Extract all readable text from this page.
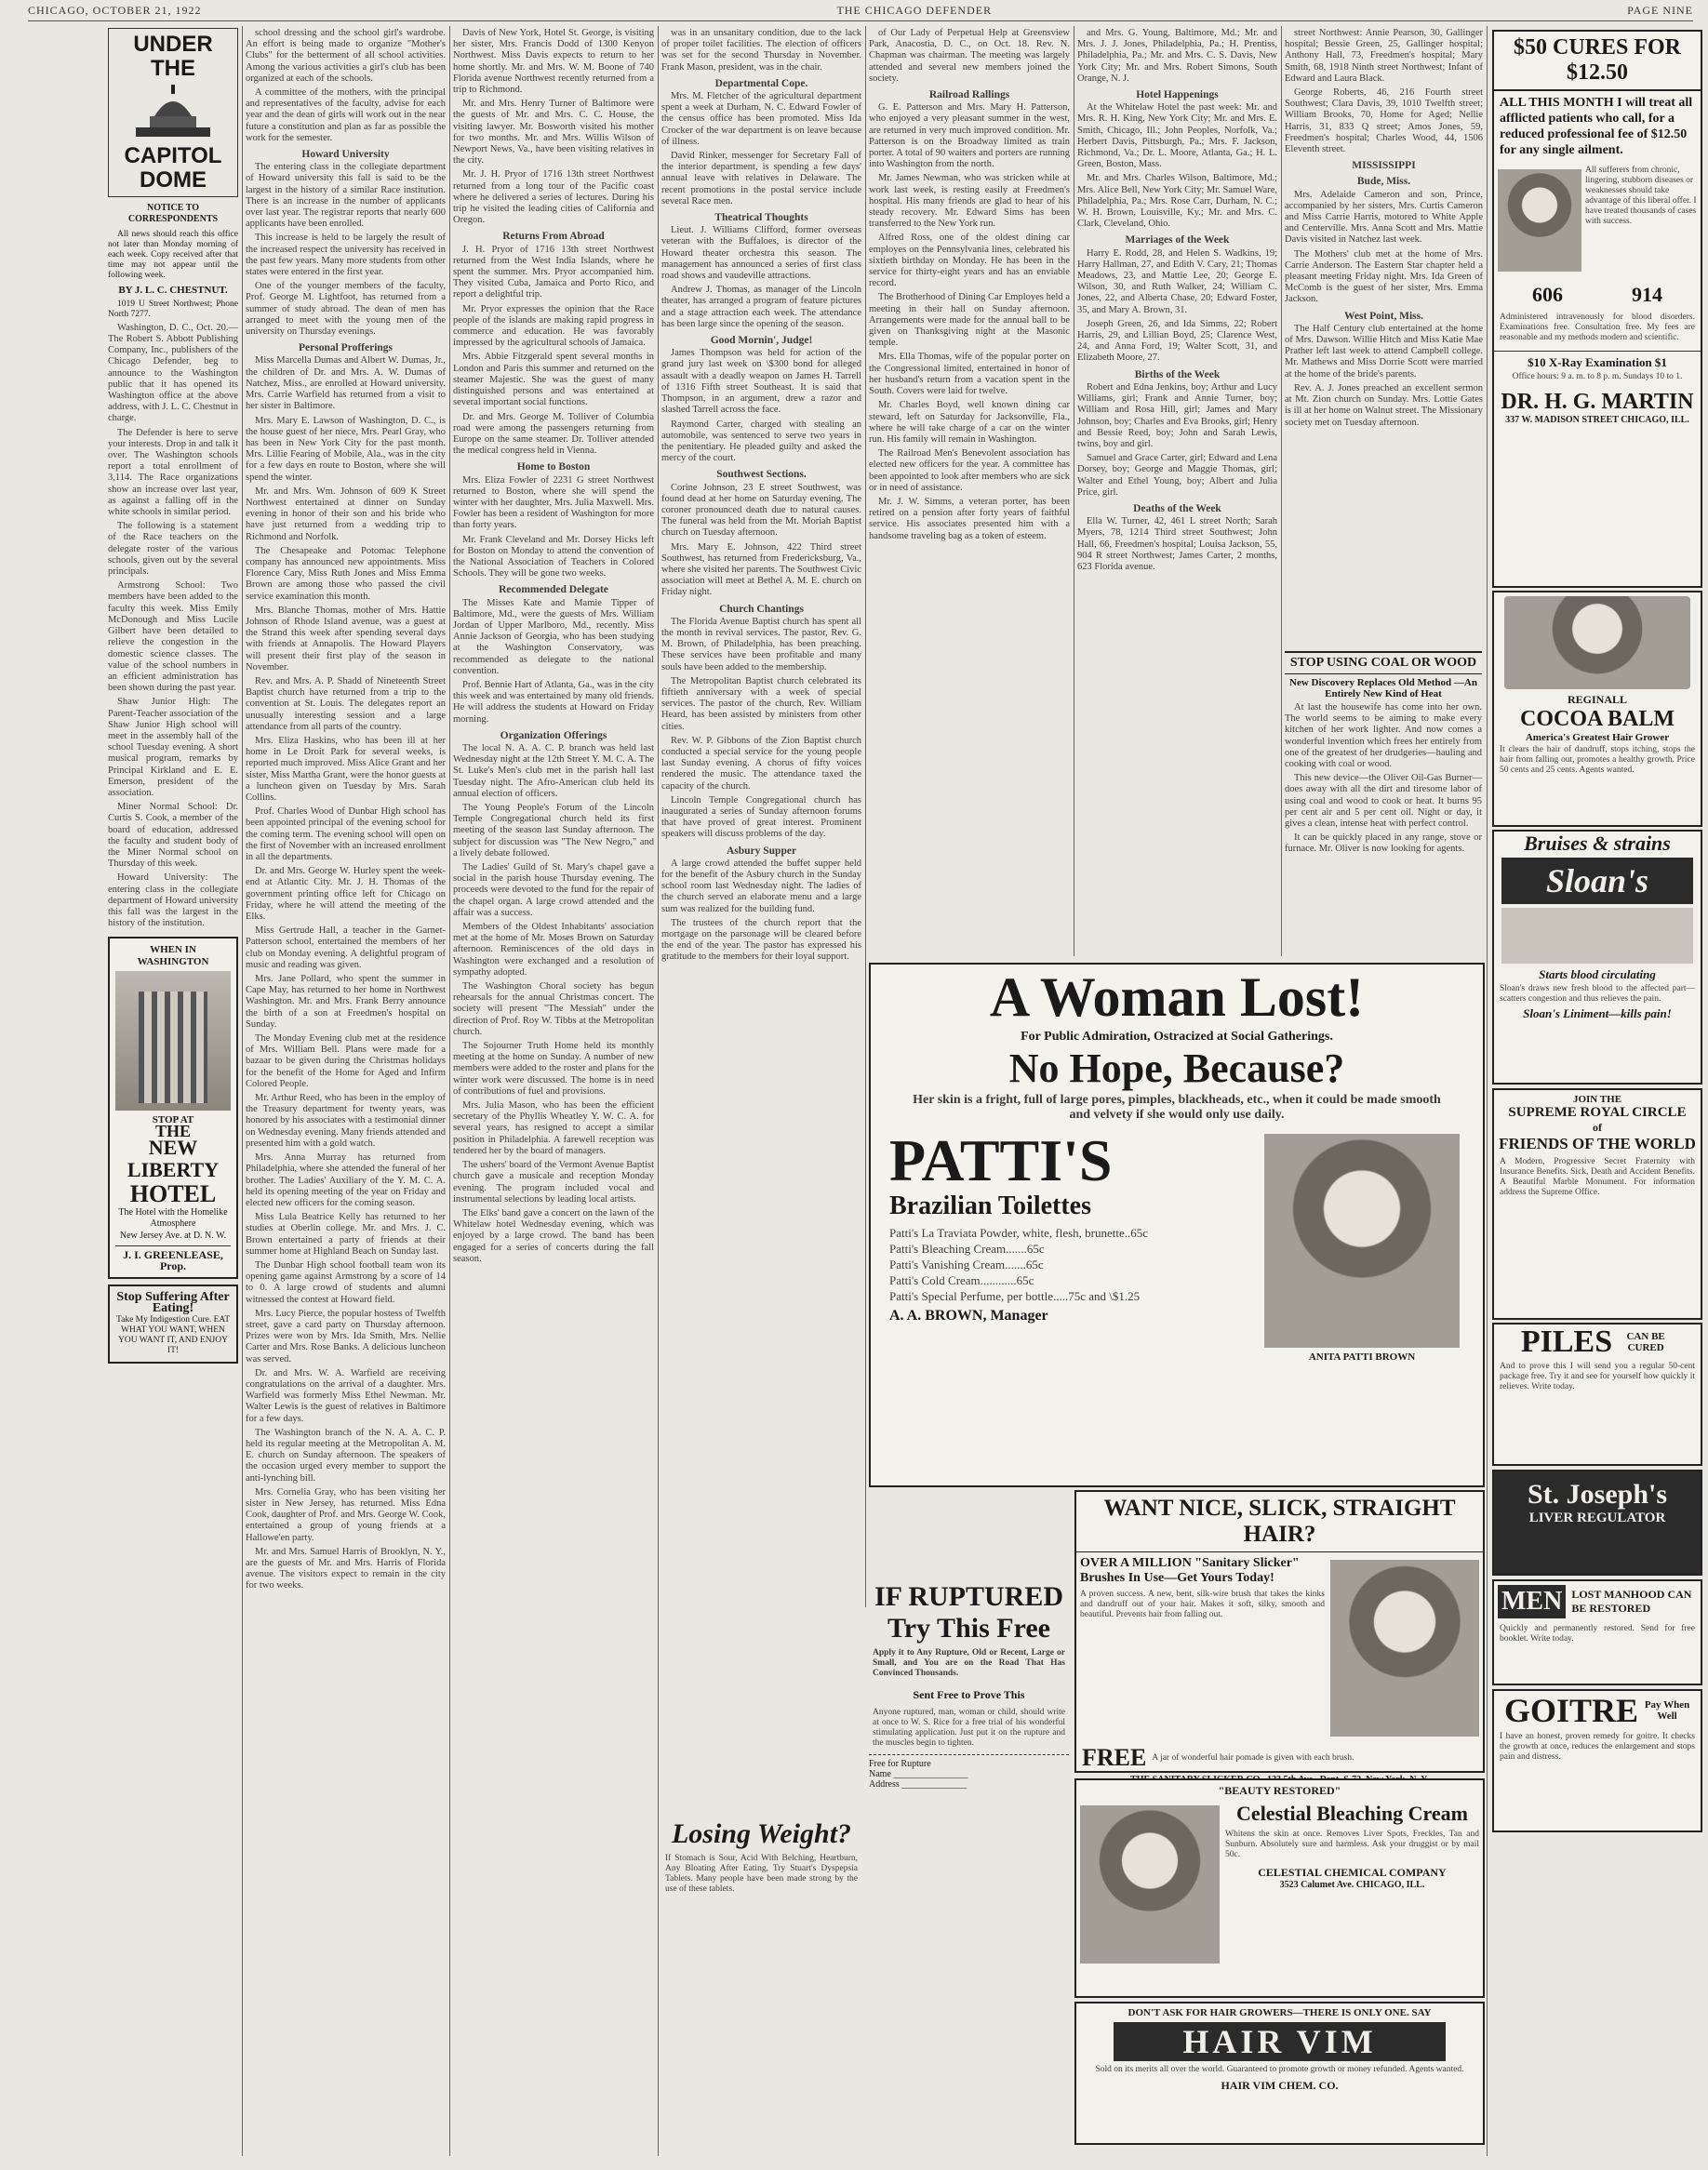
CHICAGO, OCTOBER 21, 1922	THE CHICAGO DEFENDER	PAGE NINE
UNDER THE
CAPITOL DOME
NOTICE TO CORRESPONDENTS

All news should reach this office not later than Monday morning of each week. Copy received after that time may not appear until the following week.

BY J. L. C. CHESTNUT.

1019 U Street Northwest; Phone North 7277.

Washington, D. C., Oct. 20.—The Robert S. Abbott Publishing Company, Inc., publishers of the Chicago Defender, beg to announce to the Washington public that it has opened its Washington office at the above address, with J. L. C. Chestnut in charge.

The Defender is here to serve your interests. Drop in and talk it over. The Washington schools report a total enrollment of 3,114. The Race organizations show an increase over last year, as against a falling off in the white schools in similar period.

The following is a statement of the Race teachers on the delegate roster of the various schools, given out by the several principals.

Armstrong School: Two members have been added to the faculty this week. Miss Emily McDonough and Miss Lucile Gilbert have been detailed to relieve the congestion in the domestic science classes. The value of the school numbers in an efficient administration has been shown during the past year.

Shaw Junior High: The Parent-Teacher association of the Shaw Junior High school will meet in the assembly hall of the school Tuesday evening. A short musical program, remarks by Principal Kirkland and E. E. Emerson, president of the association.

Miner Normal School: Dr. Curtis S. Cook, a member of the board of education, addressed the faculty and student body of the Miner Normal school on Thursday of this week.

Howard University: The entering class in the collegiate department of Howard university this fall was the largest in the history of the institution.

WHEN IN WASHINGTON
STOP AT
THE
NEW LIBERTY
HOTEL
The Hotel with the Homelike Atmosphere
New Jersey Ave. at D. N. W.
J. I. GREENLEASE, Prop.
Stop Suffering After Eating!
Take My Indigestion Cure. EAT WHAT YOU WANT, WHEN YOU WANT IT, AND ENJOY IT!

school dressing and the school girl's wardrobe. An effort is being made to organize "Mother's Clubs" for the betterment of all school activities. Among the various activities a girl's club has been organized at each of the schools.

A committee of the mothers, with the principal and representatives of the faculty, advise for each year and the dean of girls will work out in the near future a constitution and plan as far as possible the work for the semester.

Howard University

The entering class in the collegiate department of Howard university this fall is said to be the largest in the history of a similar Race institution. There is an increase in the number of applicants over last year. The registrar reports that nearly 600 applicants have been enrolled.

This increase is held to be largely the result of the increased respect the university has received in the past few years. Many more students from other states were entered in the first year.

One of the younger members of the faculty, Prof. George M. Lightfoot, has returned from a summer of study abroad. The dean of men has arranged to meet with the young men of the university on Thursday evenings.

Personal Profferings

Miss Marcella Dumas and Albert W. Dumas, Jr., the children of Dr. and Mrs. A. W. Dumas of Natchez, Miss., are enrolled at Howard university. Mrs. Carrie Warfield has returned from a visit to her sister in Baltimore.

Mrs. Mary E. Lawson of Washington, D. C., is the house guest of her niece, Mrs. Pearl Gray, who has been in New York City for the past month. Mrs. Lillie Fearing of Mobile, Ala., was in the city for a few days en route to Boston, where she will spend the winter.

Mr. and Mrs. Wm. Johnson of 609 K Street Northwest entertained at dinner on Sunday evening in honor of their son and his bride who have just returned from a wedding trip to Richmond and Norfolk.

The Chesapeake and Potomac Telephone company has announced new appointments. Miss Florence Cary, Miss Ruth Jones and Miss Emma Brown are among those who passed the civil service examination this month.

Mrs. Blanche Thomas, mother of Mrs. Hattie Johnson of Rhode Island avenue, was a guest at the Strand this week after spending several days with friends at Annapolis. The Howard Players will present their first play of the season in November.

Rev. and Mrs. A. P. Shadd of Nineteenth Street Baptist church have returned from a trip to the convention at St. Louis. The delegates report an unusually interesting session and a large attendance from all parts of the country.

Mrs. Eliza Haskins, who has been ill at her home in Le Droit Park for several weeks, is reported much improved. Miss Alice Grant and her sister, Miss Martha Grant, were the honor guests at a luncheon given on Tuesday by Mrs. Sarah Collins.

Prof. Charles Wood of Dunbar High school has been appointed principal of the evening school for the coming term. The evening school will open on the first of November with an increased enrollment in all the departments.

Dr. and Mrs. George W. Hurley spent the week-end at Atlantic City. Mr. J. H. Thomas of the government printing office left for Chicago on Friday, where he will attend the meeting of the Elks.

Miss Gertrude Hall, a teacher in the Garnet-Patterson school, entertained the members of her club on Monday evening. A delightful program of music and reading was given.

Mrs. Jane Pollard, who spent the summer in Cape May, has returned to her home in Northwest Washington. Mr. and Mrs. Frank Berry announce the birth of a son at Freedmen's hospital on Sunday.

The Monday Evening club met at the residence of Mrs. William Bell. Plans were made for a bazaar to be given during the Christmas holidays for the benefit of the Home for Aged and Infirm Colored People.

Mr. Arthur Reed, who has been in the employ of the Treasury department for twenty years, was honored by his associates with a testimonial dinner on Wednesday evening. Many friends attended and presented him with a gold watch.

Mrs. Anna Murray has returned from Philadelphia, where she attended the funeral of her brother. The Ladies' Auxiliary of the Y. M. C. A. held its opening meeting of the year on Friday and elected new officers for the coming season.

Miss Lula Beatrice Kelly has returned to her studies at Oberlin college. Mr. and Mrs. J. C. Brown entertained a party of friends at their summer home at Highland Beach on Sunday last.

The Dunbar High school football team won its opening game against Armstrong by a score of 14 to 0. A large crowd of students and alumni witnessed the contest at Howard field.

Mrs. Lucy Pierce, the popular hostess of Twelfth street, gave a card party on Thursday afternoon. Prizes were won by Mrs. Ida Smith, Mrs. Nellie Carter and Mrs. Rose Banks. A delicious luncheon was served.

Dr. and Mrs. W. A. Warfield are receiving congratulations on the arrival of a daughter. Mrs. Warfield was formerly Miss Ethel Newman. Mr. Walter Lewis is the guest of relatives in Baltimore for a few days.

The Washington branch of the N. A. A. C. P. held its regular meeting at the Metropolitan A. M. E. church on Sunday afternoon. The speakers of the occasion urged every member to support the anti-lynching bill.

Mrs. Cornelia Gray, who has been visiting her sister in New Jersey, has returned. Miss Edna Cook, daughter of Prof. and Mrs. George W. Cook, entertained a group of young friends at a Hallowe'en party.

Mr. and Mrs. Samuel Harris of Brooklyn, N. Y., are the guests of Mr. and Mrs. Harris of Florida avenue. The visitors expect to remain in the city for two weeks.

Davis of New York, Hotel St. George, is visiting her sister, Mrs. Francis Dodd of 1300 Kenyon Northwest. Miss Davis expects to return to her home shortly. Mr. and Mrs. W. M. Boone of 740 Florida avenue Northwest recently returned from a trip to Richmond.

Mr. and Mrs. Henry Turner of Baltimore were the guests of Mr. and Mrs. C. C. House, the visiting lawyer. Mr. Bosworth visited his mother for two months. Mr. and Mrs. Willis Wilson of Newport News, Va., have been visiting relatives in the city.

Mr. J. H. Pryor of 1716 13th street Northwest returned from a long tour of the Pacific coast where he delivered a series of lectures. During his trip he visited the leading cities of California and Oregon.

Returns From Abroad

J. H. Pryor of 1716 13th street Northwest returned from the West India Islands, where he spent the summer. Mrs. Pryor accompanied him. They visited Cuba, Jamaica and Porto Rico, and report a delightful trip.

Mr. Pryor expresses the opinion that the Race people of the islands are making rapid progress in commerce and education. He was favorably impressed by the agricultural schools of Jamaica.

Mrs. Abbie Fitzgerald spent several months in London and Paris this summer and returned on the steamer Majestic. She was the guest of many distinguished persons and was entertained at several important social functions.

Dr. and Mrs. George M. Tolliver of Columbia road were among the passengers returning from Europe on the same steamer. Dr. Tolliver attended the medical congress held in Vienna.

Home to Boston

Mrs. Eliza Fowler of 2231 G street Northwest returned to Boston, where she will spend the winter with her daughter, Mrs. Julia Maxwell. Mrs. Fowler has been a resident of Washington for more than forty years.

Mr. Frank Cleveland and Mr. Dorsey Hicks left for Boston on Monday to attend the convention of the National Association of Teachers in Colored Schools. They will be gone two weeks.

Recommended Delegate

The Misses Kate and Mamie Tipper of Baltimore, Md., were the guests of Mrs. William Jordan of Upper Marlboro, Md., recently. Miss Annie Jackson of Georgia, who has been studying at the Washington Conservatory, was recommended as delegate to the national convention.

Prof. Bennie Hart of Atlanta, Ga., was in the city this week and was entertained by many old friends. He will address the students at Howard on Friday morning.

Organization Offerings

The local N. A. A. C. P. branch was held last Wednesday night at the 12th Street Y. M. C. A. The St. Luke's Men's club met in the parish hall last Tuesday night. The Afro-American club held its annual election of officers.

The Young People's Forum of the Lincoln Temple Congregational church held its first meeting of the season last Sunday afternoon. The subject for discussion was "The New Negro," and a lively debate followed.

The Ladies' Guild of St. Mary's chapel gave a social in the parish house Thursday evening. The proceeds were devoted to the fund for the repair of the chapel organ. A large crowd attended and the affair was a success.

Members of the Oldest Inhabitants' association met at the home of Mr. Moses Brown on Saturday afternoon. Reminiscences of the old days in Washington were exchanged and a resolution of sympathy adopted.

The Washington Choral society has begun rehearsals for the annual Christmas concert. The society will present "The Messiah" under the direction of Prof. Roy W. Tibbs at the Metropolitan church.

The Sojourner Truth Home held its monthly meeting at the home on Sunday. A number of new members were added to the roster and plans for the winter work were discussed. The home is in need of contributions of fuel and provisions.

Mrs. Julia Mason, who has been the efficient secretary of the Phyllis Wheatley Y. W. C. A. for several years, has resigned to accept a similar position in Philadelphia. A farewell reception was tendered her by the board of managers.

The ushers' board of the Vermont Avenue Baptist church gave a musicale and reception Monday evening. The program included vocal and instrumental selections by leading local artists.

The Elks' band gave a concert on the lawn of the Whitelaw hotel Wednesday evening, which was enjoyed by a large crowd. The band has been engaged for a series of concerts during the fall season.

was in an unsanitary condition, due to the lack of proper toilet facilities. The election of officers was set for the second Thursday in November. Frank Mason, president, was in the chair.

Departmental Cope.

Mrs. M. Fletcher of the agricultural department spent a week at Durham, N. C. Edward Fowler of the census office has been promoted. Miss Ida Crocker of the war department is on leave because of illness.

David Rinker, messenger for Secretary Fall of the interior department, is spending a few days' annual leave with relatives in Delaware. The recent promotions in the postal service include several Race men.

Theatrical Thoughts

Lieut. J. Williams Clifford, former overseas veteran with the Buffaloes, is director of the Howard theater orchestra this season. The management has announced a series of first class road shows and vaudeville attractions.

Andrew J. Thomas, as manager of the Lincoln theater, has arranged a program of feature pictures and a stage attraction each week. The attendance has been large since the opening of the season.

Good Mornin', Judge!

James Thompson was held for action of the grand jury last week on \$300 bond for alleged assault with a deadly weapon on James H. Tarrell of 1316 Fifth street Southeast. It is said that Thompson, in an argument, drew a razor and slashed Tarrell across the face.

Raymond Carter, charged with stealing an automobile, was sentenced to serve two years in the penitentiary. He pleaded guilty and asked the mercy of the court.

Southwest Sections.

Corine Johnson, 23 E street Southwest, was found dead at her home on Saturday evening. The coroner pronounced death due to natural causes. The funeral was held from the Mt. Moriah Baptist church on Tuesday afternoon.

Mrs. Mary E. Johnson, 422 Third street Southwest, has returned from Fredericksburg, Va., where she visited her parents. The Southwest Civic association will meet at Bethel A. M. E. church on Friday night.

Church Chantings

The Florida Avenue Baptist church has spent all the month in revival services. The pastor, Rev. G. M. Brown, of Philadelphia, has been preaching. These services have been profitable and many souls have been added to the membership.

The Metropolitan Baptist church celebrated its fiftieth anniversary with a week of special services. The pastor of the church, Rev. William Heard, has been assisted by ministers from other cities.

Rev. W. P. Gibbons of the Zion Baptist church conducted a special service for the young people last Sunday evening. A chorus of fifty voices rendered the music. The attendance taxed the capacity of the church.

Lincoln Temple Congregational church has inaugurated a series of Sunday afternoon forums that have proved of great interest. Prominent speakers will discuss problems of the day.

Asbury Supper

A large crowd attended the buffet supper held for the benefit of the Asbury church in the Sunday school room last Wednesday night. The ladies of the church served an elaborate menu and a large sum was realized for the building fund.

The trustees of the church report that the mortgage on the parsonage will be cleared before the end of the year. The pastor has expressed his gratitude to the members for their loyal support.

of Our Lady of Perpetual Help at Greensview Park, Anacostia, D. C., on Oct. 18. Rev. N. Chapman was chairman. The meeting was largely attended and several new members joined the society.

Railroad Rallings

G. E. Patterson and Mrs. Mary H. Patterson, who enjoyed a very pleasant summer in the west, are returned in very much improved condition. Mr. Patterson is on the Broadway limited as train porter. A total of 90 waiters and porters are running into Washington from the north.

Mr. James Newman, who was stricken while at work last week, is resting easily at Freedmen's hospital. His many friends are glad to hear of his steady recovery. Mr. Edward Sims has been transferred to the New York run.

Alfred Ross, one of the oldest dining car employes on the Pennsylvania lines, celebrated his sixtieth birthday on Monday. He has been in the service for thirty-eight years and has an enviable record.

The Brotherhood of Dining Car Employes held a meeting in their hall on Sunday afternoon. Arrangements were made for the annual ball to be given on Thanksgiving night at the Masonic temple.

Mrs. Ella Thomas, wife of the popular porter on the Congressional limited, entertained in honor of her husband's return from a vacation spent in the South. Covers were laid for twelve.

Mr. Charles Boyd, well known dining car steward, left on Saturday for Jacksonville, Fla., where he will take charge of a car on the winter run. His family will remain in Washington.

The Railroad Men's Benevolent association has elected new officers for the year. A committee has been appointed to look after members who are sick or in need of assistance.

Mr. J. W. Simms, a veteran porter, has been retired on a pension after forty years of faithful service. His associates presented him with a handsome traveling bag as a token of esteem.

and Mrs. G. Young, Baltimore, Md.; Mr. and Mrs. J. J. Jones, Philadelphia, Pa.; H. Prentiss, Philadelphia, Pa.; Mr. and Mrs. C. S. Davis, New York City; Mr. and Mrs. Robert Simons, South Orange, N. J.

Hotel Happenings

At the Whitelaw Hotel the past week: Mr. and Mrs. R. H. King, New York City; Mr. and Mrs. E. Smith, Chicago, Ill.; John Peoples, Norfolk, Va.; Herbert Davis, Pittsburgh, Pa.; Mrs. F. Jackson, Richmond, Va.; Dr. L. Moore, Atlanta, Ga.; H. L. Green, Boston, Mass.

Mr. and Mrs. Charles Wilson, Baltimore, Md.; Mrs. Alice Bell, New York City; Mr. Samuel Ware, Philadelphia, Pa.; Mrs. Rose Carr, Durham, N. C.; W. H. Brown, Louisville, Ky.; Mr. and Mrs. C. Clark, Cleveland, Ohio.

Marriages of the Week

Harry E. Rodd, 28, and Helen S. Wadkins, 19; Harry Hallman, 27, and Edith V. Cary, 21; Thomas Meadows, 23, and Mattie Lee, 20; George E. Wilson, 30, and Ruth Walker, 24; William C. Jones, 22, and Alberta Chase, 20; Edward Foster, 35, and Mary A. Brown, 31.

Joseph Green, 26, and Ida Simms, 22; Robert Harris, 29, and Lillian Boyd, 25; Clarence West, 24, and Anna Ford, 19; Walter Scott, 31, and Elizabeth Moore, 27.

Births of the Week

Robert and Edna Jenkins, boy; Arthur and Lucy Williams, girl; Frank and Annie Turner, boy; William and Rosa Hill, girl; James and Mary Johnson, boy; Charles and Eva Brooks, girl; Henry and Bessie Reed, boy; John and Sarah Lewis, twins, boy and girl.

Samuel and Grace Carter, girl; Edward and Lena Dorsey, boy; George and Maggie Thomas, girl; Walter and Ethel Young, boy; Albert and Julia Price, girl.

Deaths of the Week

Ella W. Turner, 42, 461 L street North; Sarah Myers, 78, 1214 Third street Southwest; John Hall, 66, Freedmen's hospital; Louisa Jackson, 55, 904 R street Northwest; James Carter, 2 months, 623 Florida avenue.

street Northwest: Annie Pearson, 30, Gallinger hospital; Bessie Green, 25, Gallinger hospital; Anthony Hall, 73, Freedmen's hospital; Mary Smith, 68, 1918 Ninth street Northwest; Infant of Edward and Laura Black.

George Roberts, 46, 216 Fourth street Southwest; Clara Davis, 39, 1010 Twelfth street; William Brooks, 70, Home for Aged; Nellie Harris, 31, 833 Q street; Amos Jones, 59, Freedmen's hospital; Charles Wood, 44, 1506 Eleventh street.

MISSISSIPPI
Bude, Miss.

Mrs. Adelaide Cameron and son, Prince, accompanied by her sisters, Mrs. Curtis Cameron and Miss Carrie Harris, motored to White Apple and Centerville. Mrs. Anna Scott and Mrs. Mattie Davis visited in Natchez last week.

The Mothers' club met at the home of Mrs. Carrie Anderson. The Eastern Star chapter held a pleasant meeting Friday night. Mrs. Ida Green of McComb is the guest of her sister, Mrs. Emma Jackson.

West Point, Miss.

The Half Century club entertained at the home of Mrs. Dawson. Willie Hitch and Miss Katie Mae Prather left last week to attend Campbell college. Mr. Mathews and Miss Dorrie Scott were married at the home of the bride's parents.

Rev. A. J. Jones preached an excellent sermon at Mt. Zion church on Sunday. Mrs. Lottie Gates is ill at her home on Walnut street. The Missionary society met on Tuesday afternoon.

STOP USING COAL OR WOOD
New Discovery Replaces Old Method —An Entirely New Kind of Heat

At last the housewife has come into her own. The world seems to be aiming to make every kitchen of her work lighter. And now comes a wonderful invention which frees her entirely from one of the greatest of her drudgeries—hauling and cooking with coal or wood.

This new device—the Oliver Oil-Gas Burner—does away with all the dirt and tiresome labor of using coal and wood to cook or heat. It burns 95 per cent air and 5 per cent oil. Night or day, it gives a clean, intense heat with perfect control.

It can be quickly placed in any range, stove or furnace. Mr. Oliver is now looking for agents.

$50 CURES FOR $12.50
ALL THIS MONTH I will treat all afflicted patients who call, for a reduced professional fee of $12.50 for any single ailment.
All sufferers from chronic, lingering, stubborn diseases or weaknesses should take advantage of this liberal offer. I have treated thousands of cases with success.
606	914
Administered intravenously for blood disorders. Examinations free. Consultation free. My fees are reasonable and my methods modern and scientific.
$10 X-Ray Examination $1
Office hours: 9 a. m. to 8 p. m. Sundays 10 to 1.
DR. H. G. MARTIN
337 W. MADISON STREET CHICAGO, ILL.
REGINALL
COCOA BALM
America's Greatest Hair Grower
It clears the hair of dandruff, stops itching, stops the hair from falling out, promotes a healthy growth. Price 50 cents and 25 cents. Agents wanted.
Bruises & strains
Sloan's
Starts blood circulating
Sloan's draws new fresh blood to the affected part—scatters congestion and thus relieves the pain.
Sloan's Liniment—kills pain!
JOIN THE
SUPREME ROYAL CIRCLE
of
FRIENDS OF THE WORLD
A Modern, Progressive Secret Fraternity with Insurance Benefits. Sick, Death and Accident Benefits. A Beautiful Marble Monument. For information address the Supreme Office.
PILES	CAN BE CURED
And to prove this I will send you a regular 50-cent package free. Try it and see for yourself how quickly it relieves. Write today.
St. Joseph's
LIVER REGULATOR
MEN LOST MANHOOD CAN BE RESTORED
Quickly and permanently restored. Send for free booklet. Write today.
GOITRE Pay When Well
I have an honest, proven remedy for goitre. It checks the growth at once, reduces the enlargement and stops pain and distress.
A Woman Lost!
For Public Admiration, Ostracized at Social Gatherings.
No Hope, Because?
Her skin is a fright, full of large pores, pimples, blackheads, etc., when it could be made smooth and velvety if she would only use daily.
PATTI'S
Brazilian Toilettes
Patti's La Traviata Powder, white, flesh, brunette..65c
Patti's Bleaching Cream.......65c
Patti's Vanishing Cream.......65c
Patti's Cold Cream............65c
Patti's Special Perfume, per bottle.....75c and \$1.25
A. A. BROWN, Manager
ANITA PATTI BROWN
WANT NICE, SLICK, STRAIGHT HAIR?
OVER A MILLION "Sanitary Slicker" Brushes In Use—Get Yours Today!
A proven success. A new, bent, silk-wire brush that takes the kinks and dandruff out of your hair. Makes it soft, silky, smooth and beautiful. Prevents hair from falling out.
FREE A jar of wonderful hair pomade is given with each brush.
IF RUPTURED
Try This Free
Apply it to Any Rupture, Old or Recent, Large or Small, and You are on the Road That Has Convinced Thousands.
Sent Free to Prove This
Anyone ruptured, man, woman or child, should write at once to W. S. Rice for a free trial of his wonderful stimulating application. Just put it on the rupture and the muscles begin to tighten.
Free for Rupture
Name ________________
Address ______________
Losing Weight?
If Stomach is Sour, Acid With Belching, Heartburn, Any Bloating After Eating, Try Stuart's Dyspepsia Tablets. Many people have been made strong by the use of these tablets.
"BEAUTY RESTORED"
Celestial Bleaching Cream
Whitens the skin at once. Removes Liver Spots, Freckles, Tan and Sunburn. Absolutely sure and harmless. Ask your druggist or by mail 50c.
CELESTIAL CHEMICAL COMPANY
3523 Calumet Ave. CHICAGO, ILL.
DON'T ASK FOR HAIR GROWERS—THERE IS ONLY ONE. SAY
HAIR VIM
Sold on its merits all over the world. Guaranteed to promote growth or money refunded. Agents wanted.
HAIR VIM CHEM. CO.
